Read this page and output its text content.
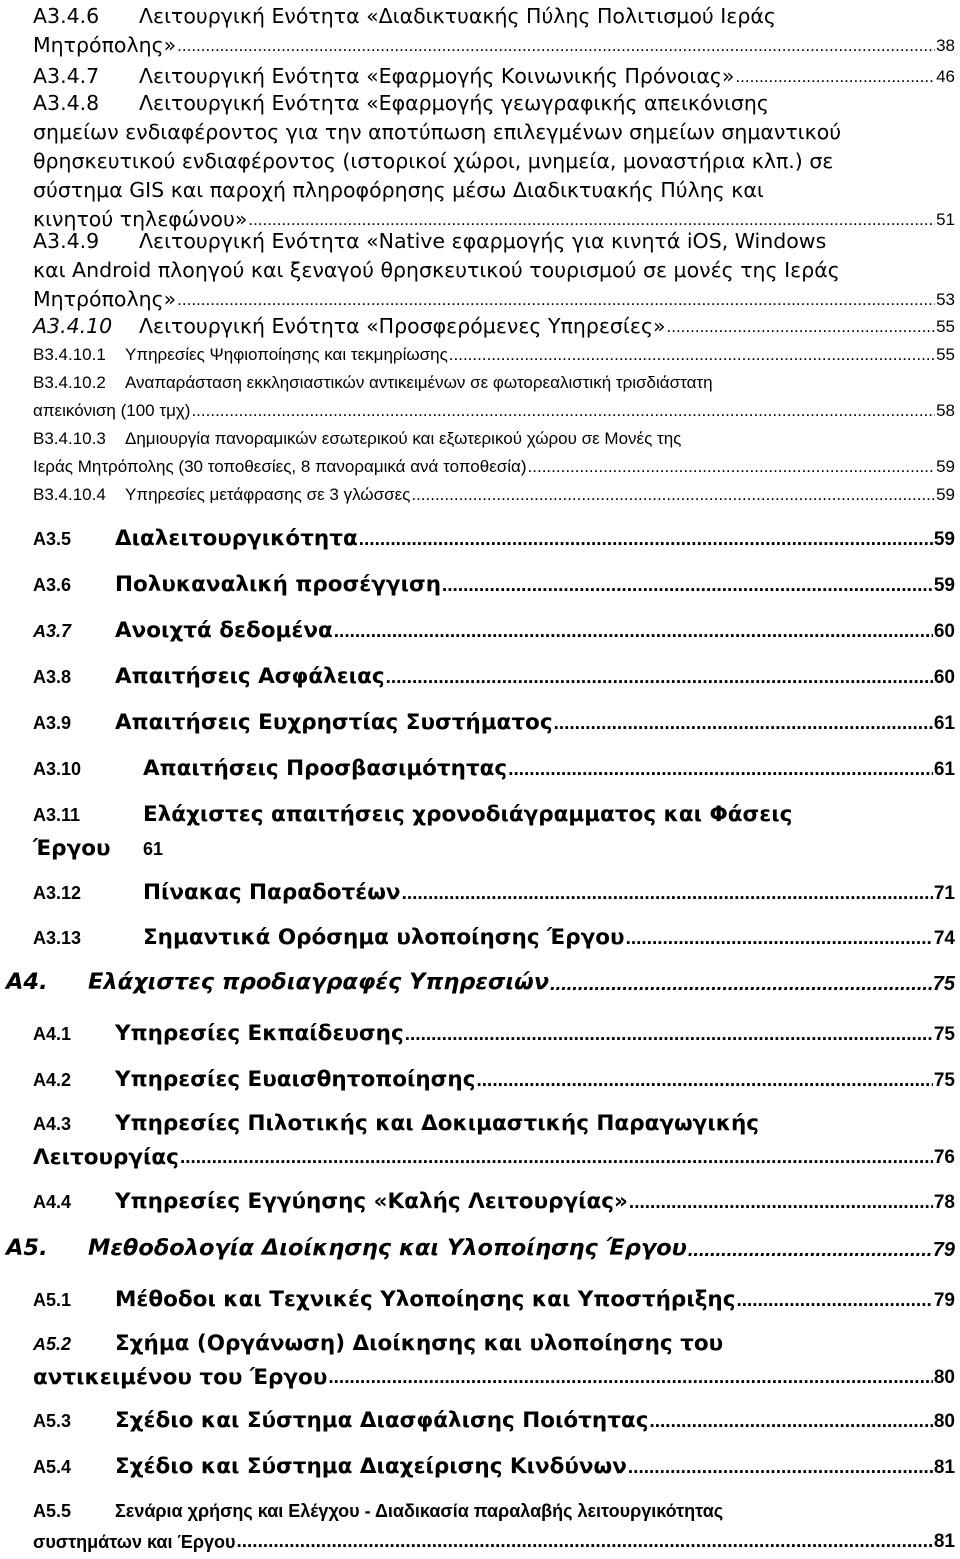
Α3.4.6 Λειτουργική Ενότητα «Διαδικτυακής Πύλης Πολιτισμού Ιεράς
Μητρόπολης» .....	38
Α3.4.7 Λειτουργική Ενότητα «Εφαρμογής Κοινωνικής Πρόνοιας» .....	46
Α3.4.8 Λειτουργική Ενότητα «Εφαρμογής γεωγραφικής απεικόνισης
σημείων ενδιαφέροντος για την αποτύπωση επιλεγμένων σημείων σημαντικού
θρησκευτικού ενδιαφέροντος (ιστορικοί χώροι, μνημεία, μοναστήρια κλπ.) σε
σύστημα GIS και παροχή πληροφόρησης μέσω Διαδικτυακής Πύλης και
κινητού τηλεφώνου» .....	51
Α3.4.9 Λειτουργική Ενότητα «Native εφαρμογής για κινητά iOS, Windows
και Android πλοηγού και ξεναγού θρησκευτικού τουρισμού σε μονές της Ιεράς
Μητρόπολης» .....	53
Α3.4.10 Λειτουργική Ενότητα «Προσφερόμενες Υπηρεσίες» .....	55
Β3.4.10.1 Υπηρεσίες Ψηφιοποίησης και τεκμηρίωσης .....	55
Β3.4.10.2 Αναπαράσταση εκκλησιαστικών αντικειμένων σε φωτορεαλιστική τρισδιάστατη
απεικόνιση (100 τμχ) .....	58
Β3.4.10.3 Δημιουργία πανοραμικών εσωτερικού και εξωτερικού χώρου σε Μονές της
Ιεράς Μητρόπολης (30 τοποθεσίες, 8 πανοραμικά ανά τοποθεσία) .....	59
Β3.4.10.4 Υπηρεσίες μετάφρασης σε 3 γλώσσες .....	59
Α3.5 Διαλειτουργικότητα .....	59
Α3.6 Πολυκαναλική προσέγγιση .....	59
Α3.7 Ανοιχτά δεδομένα .....	60
Α3.8 Απαιτήσεις Ασφάλειας .....	60
Α3.9 Απαιτήσεις Ευχρηστίας Συστήματος .....	61
Α3.10	Απαιτήσεις Προσβασιμότητας .....	61
Α3.11	Ελάχιστες απαιτήσεις χρονοδιάγραμματος και Φάσεις
Έργου 61
Α3.12	Πίνακας Παραδοτέων .....	71
Α3.13	Σημαντικά Ορόσημα υλοποίησης Έργου .....	74
Α4. Ελάχιστες προδιαγραφές Υπηρεσιών .....	75
Α4.1 Υπηρεσίες Εκπαίδευσης .....	75
Α4.2 Υπηρεσίες Ευαισθητοποίησης .....	75
Α4.3 Υπηρεσίες Πιλοτικής και Δοκιμαστικής Παραγωγικής
Λειτουργίας .....	76
Α4.4 Υπηρεσίες Εγγύησης «Καλής Λειτουργίας» .....	78
Α5. Μεθοδολογία Διοίκησης και Υλοποίησης Έργου .....	79
Α5.1 Μέθοδοι και Τεχνικές Υλοποίησης και Υποστήριξης .....	79
Α5.2 Σχήμα (Οργάνωση) Διοίκησης και υλοποίησης του
αντικειμένου του Έργου .....	80
Α5.3 Σχέδιο και Σύστημα Διασφάλισης Ποιότητας .....	80
Α5.4 Σχέδιο και Σύστημα Διαχείρισης Κινδύνων .....	81
Α5.5 Σενάρια χρήσης και Ελέγχου - Διαδικασία παραλαβής λειτουργικότητας
συστημάτων και Έργου .....	81
